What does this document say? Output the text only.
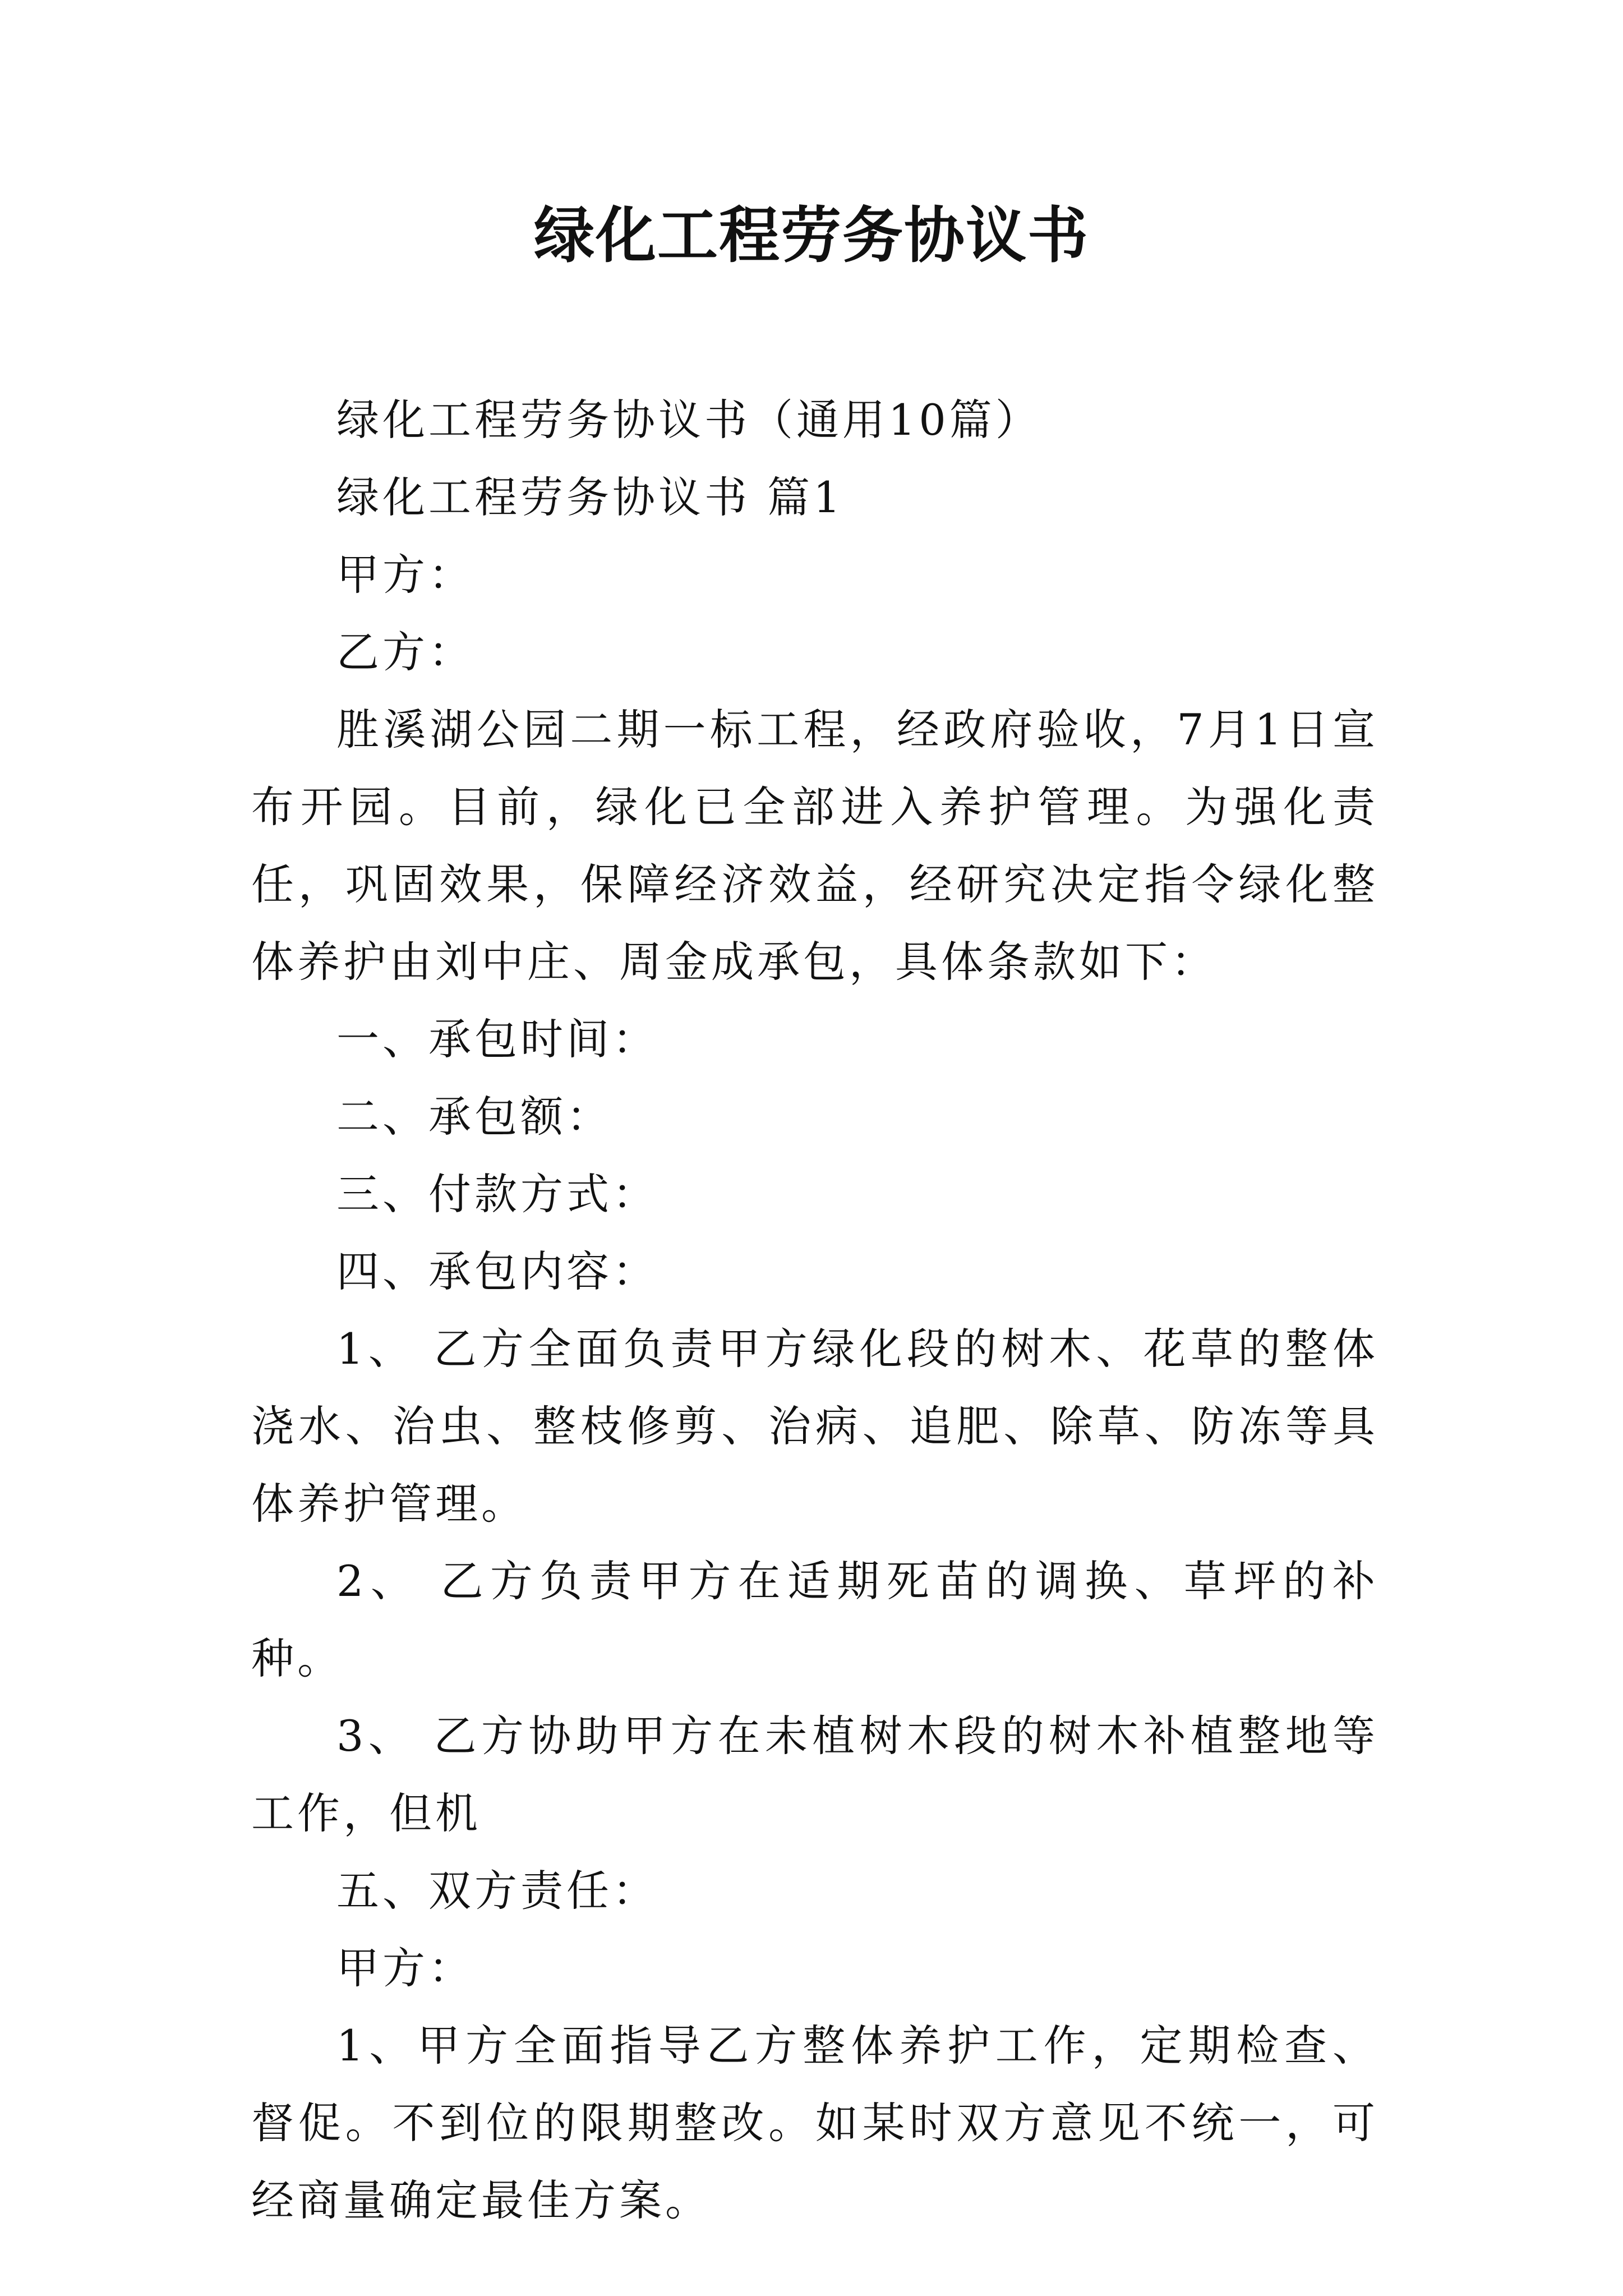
绿化工程劳务协议书

绿化工程劳务协议书（通用10篇）

绿化工程劳务协议书 篇1

甲方：

乙方：

胜溪湖公园二期一标工程，经政府验收，7月1日宣布开园。目前，绿化已全部进入养护管理。为强化责任，巩固效果，保障经济效益，经研究决定指令绿化整体养护由刘中庄、周金成承包，具体条款如下：

一、承包时间：

二、承包额：

三、付款方式：

四、承包内容：

1、 乙方全面负责甲方绿化段的树木、花草的整体浇水、治虫、整枝修剪、治病、追肥、除草、防冻等具体养护管理。

2、 乙方负责甲方在适期死苗的调换、草坪的补种。

3、 乙方协助甲方在未植树木段的树木补植整地等工作，但机

五、双方责任：

甲方：

1、甲方全面指导乙方整体养护工作，定期检查、督促。不到位的限期整改。如某时双方意见不统一，可经商量确定最佳方案。
